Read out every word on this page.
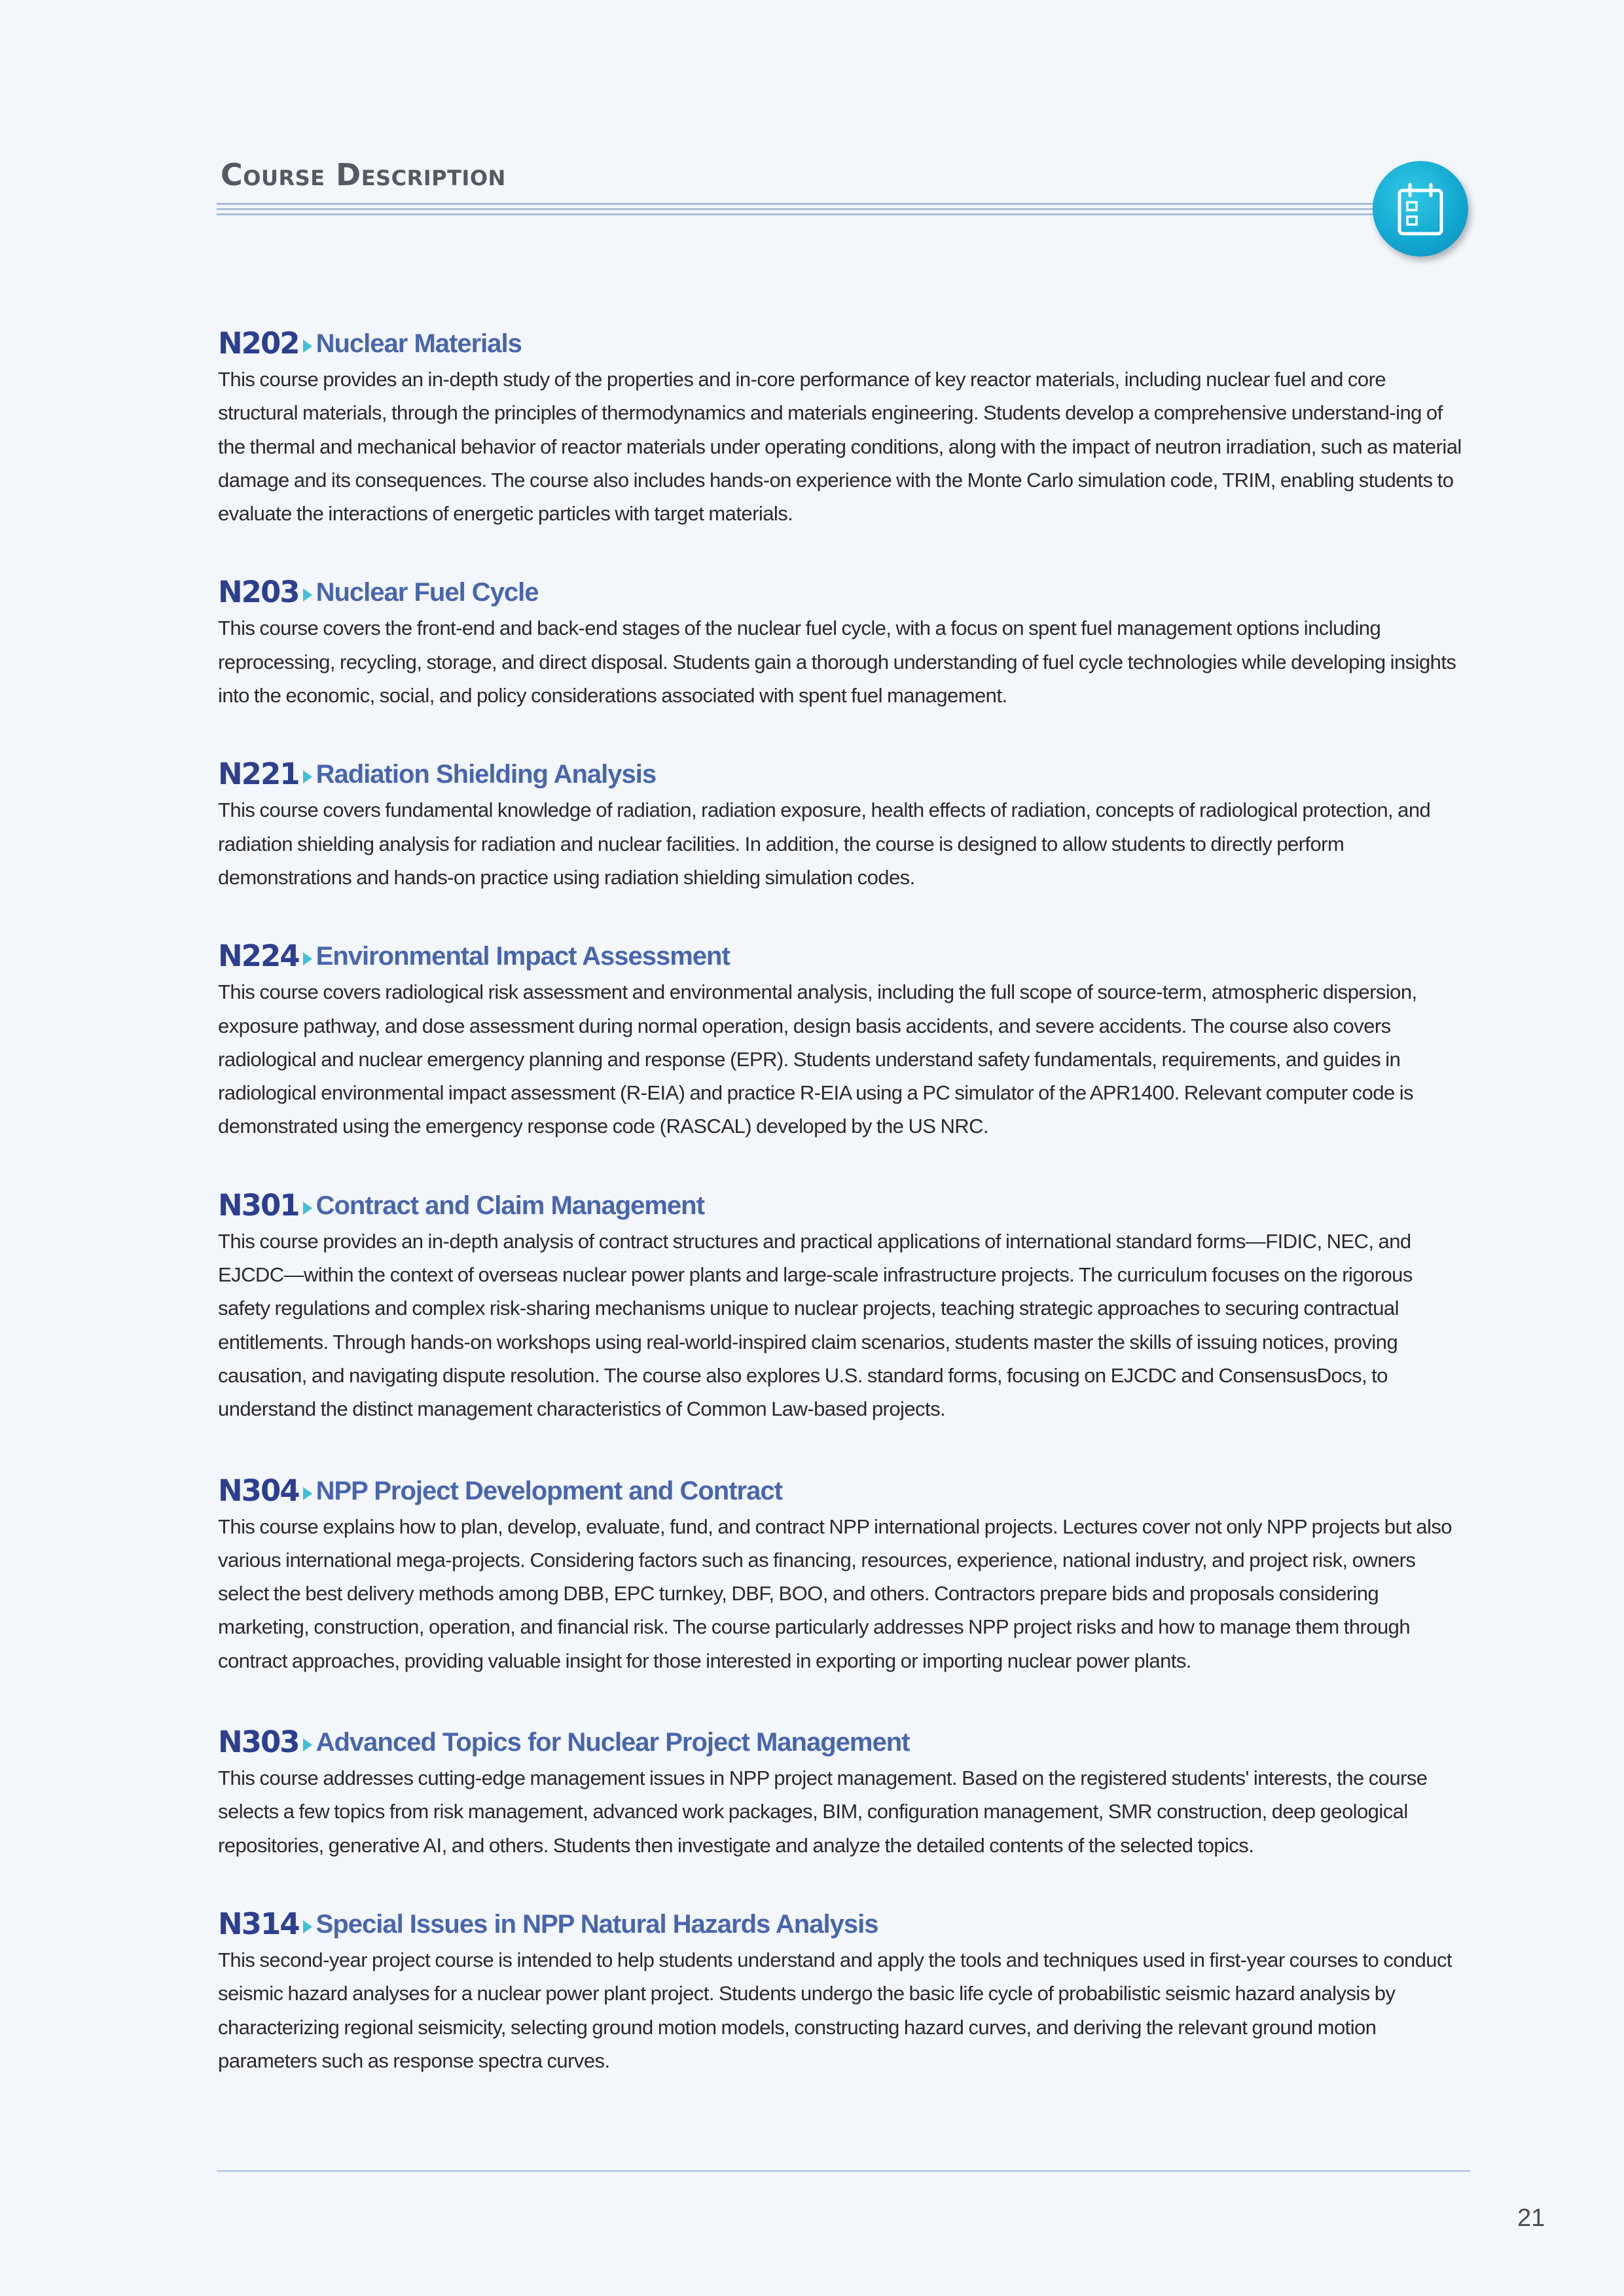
Course Description
N202 Nuclear Materials

This course provides an in-depth study of the properties and in-core performance of key reactor materials, including nuclear fuel and core structural materials, through the principles of thermodynamics and materials engineering. Students develop a comprehensive understand-ing of the thermal and mechanical behavior of reactor materials under operating conditions, along with the impact of neutron irradiation, such as material damage and its consequences. The course also includes hands-on experience with the Monte Carlo simulation code, TRIM, enabling students to evaluate the interactions of energetic particles with target materials.

N203 Nuclear Fuel Cycle

This course covers the front-end and back-end stages of the nuclear fuel cycle, with a focus on spent fuel management options including reprocessing, recycling, storage, and direct disposal. Students gain a thorough understanding of fuel cycle technologies while developing insights into the economic, social, and policy considerations associated with spent fuel management.

N221 Radiation Shielding Analysis

This course covers fundamental knowledge of radiation, radiation exposure, health effects of radiation, concepts of radiological protection, and radiation shielding analysis for radiation and nuclear facilities. In addition, the course is designed to allow students to directly perform demonstrations and hands-on practice using radiation shielding simulation codes.

N224 Environmental Impact Assessment

This course covers radiological risk assessment and environmental analysis, including the full scope of source-term, atmospheric dispersion, exposure pathway, and dose assessment during normal operation, design basis accidents, and severe accidents. The course also covers radiological and nuclear emergency planning and response (EPR). Students understand safety fundamentals, requirements, and guides in radiological environmental impact assessment (R-EIA) and practice R-EIA using a PC simulator of the APR1400. Relevant computer code is demonstrated using the emergency response code (RASCAL) developed by the US NRC.

N301 Contract and Claim Management

This course provides an in-depth analysis of contract structures and practical applications of international standard forms—FIDIC, NEC, and EJCDC—within the context of overseas nuclear power plants and large-scale infrastructure projects. The curriculum focuses on the rigorous safety regulations and complex risk-sharing mechanisms unique to nuclear projects, teaching strategic approaches to securing contractual entitlements. Through hands-on workshops using real-world-inspired claim scenarios, students master the skills of issuing notices, proving causation, and navigating dispute resolution. The course also explores U.S. standard forms, focusing on EJCDC and ConsensusDocs, to understand the distinct management characteristics of Common Law-based projects.

N304 NPP Project Development and Contract

This course explains how to plan, develop, evaluate, fund, and contract NPP international projects. Lectures cover not only NPP projects but also various international mega-projects. Considering factors such as financing, resources, experience, national industry, and project risk, owners select the best delivery methods among DBB, EPC turnkey, DBF, BOO, and others. Contractors prepare bids and proposals considering marketing, construction, operation, and financial risk. The course particularly addresses NPP project risks and how to manage them through contract approaches, providing valuable insight for those interested in exporting or importing nuclear power plants.

N303 Advanced Topics for Nuclear Project Management

This course addresses cutting-edge management issues in NPP project management. Based on the registered students' interests, the course selects a few topics from risk management, advanced work packages, BIM, configuration management, SMR construction, deep geological repositories, generative AI, and others. Students then investigate and analyze the detailed contents of the selected topics.

N314 Special Issues in NPP Natural Hazards Analysis

This second-year project course is intended to help students understand and apply the tools and techniques used in first-year courses to conduct seismic hazard analyses for a nuclear power plant project. Students undergo the basic life cycle of probabilistic seismic hazard analysis by characterizing regional seismicity, selecting ground motion models, constructing hazard curves, and deriving the relevant ground motion parameters such as response spectra curves.

21
